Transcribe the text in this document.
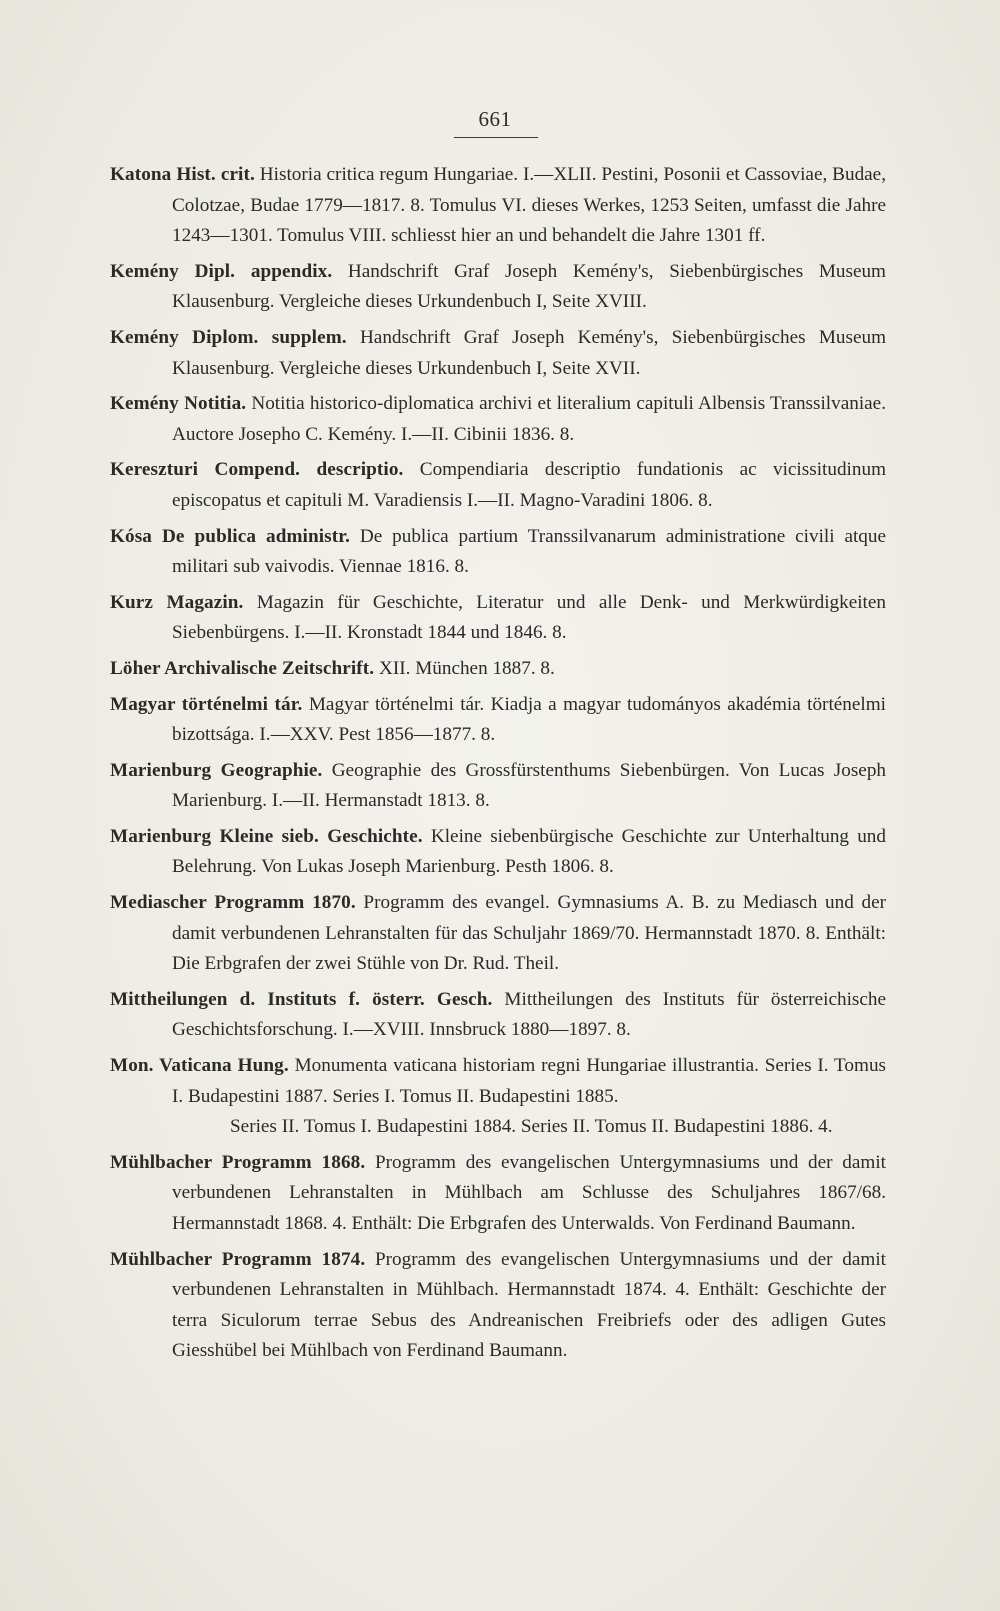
661

Katona Hist. crit. Historia critica regum Hungariae. I.—XLII. Pestini, Posonii et Cassoviae, Budae, Colotzae, Budae 1779—1817. 8. Tomulus VI. dieses Werkes, 1253 Seiten, umfasst die Jahre 1243—1301. Tomulus VIII. schliesst hier an und behandelt die Jahre 1301 ff.

Kemény Dipl. appendix. Handschrift Graf Joseph Kemény's, Siebenbürgisches Museum Klausenburg. Vergleiche dieses Urkundenbuch I, Seite XVIII.

Kemény Diplom. supplem. Handschrift Graf Joseph Kemény's, Siebenbürgisches Museum Klausenburg. Vergleiche dieses Urkundenbuch I, Seite XVII.

Kemény Notitia. Notitia historico-diplomatica archivi et literalium capituli Albensis Transsilvaniae. Auctore Josepho C. Kemény. I.—II. Cibinii 1836. 8.

Kereszturi Compend. descriptio. Compendiaria descriptio fundationis ac vicissitudinum episcopatus et capituli M. Varadiensis I.—II. Magno-Varadini 1806. 8.

Kósa De publica administr. De publica partium Transsilvanarum administratione civili atque militari sub vaivodis. Viennae 1816. 8.

Kurz Magazin. Magazin für Geschichte, Literatur und alle Denk- und Merkwürdigkeiten Siebenbürgens. I.—II. Kronstadt 1844 und 1846. 8.

Löher Archivalische Zeitschrift. XII. München 1887. 8.

Magyar történelmi tár. Magyar történelmi tár. Kiadja a magyar tudományos akadémia történelmi bizottsága. I.—XXV. Pest 1856—1877. 8.

Marienburg Geographie. Geographie des Grossfürstenthums Siebenbürgen. Von Lucas Joseph Marienburg. I.—II. Hermanstadt 1813. 8.

Marienburg Kleine sieb. Geschichte. Kleine siebenbürgische Geschichte zur Unterhaltung und Belehrung. Von Lukas Joseph Marienburg. Pesth 1806. 8.

Mediascher Programm 1870. Programm des evangel. Gymnasiums A. B. zu Mediasch und der damit verbundenen Lehranstalten für das Schuljahr 1869/70. Hermannstadt 1870. 8. Enthält: Die Erbgrafen der zwei Stühle von Dr. Rud. Theil.

Mittheilungen d. Instituts f. österr. Gesch. Mittheilungen des Instituts für österreichische Geschichtsforschung. I.—XVIII. Innsbruck 1880—1897. 8.

Mon. Vaticana Hung. Monumenta vaticana historiam regni Hungariae illustrantia. Series I. Tomus I. Budapestini 1887. Series I. Tomus II. Budapestini 1885.

Series II. Tomus I. Budapestini 1884. Series II. Tomus II. Budapestini 1886. 4.

Mühlbacher Programm 1868. Programm des evangelischen Untergymnasiums und der damit verbundenen Lehranstalten in Mühlbach am Schlusse des Schuljahres 1867/68. Hermannstadt 1868. 4. Enthält: Die Erbgrafen des Unterwalds. Von Ferdinand Baumann.

Mühlbacher Programm 1874. Programm des evangelischen Untergymnasiums und der damit verbundenen Lehranstalten in Mühlbach. Hermannstadt 1874. 4. Enthält: Geschichte der terra Siculorum terrae Sebus des Andreanischen Freibriefs oder des adligen Gutes Giesshübel bei Mühlbach von Ferdinand Baumann.
